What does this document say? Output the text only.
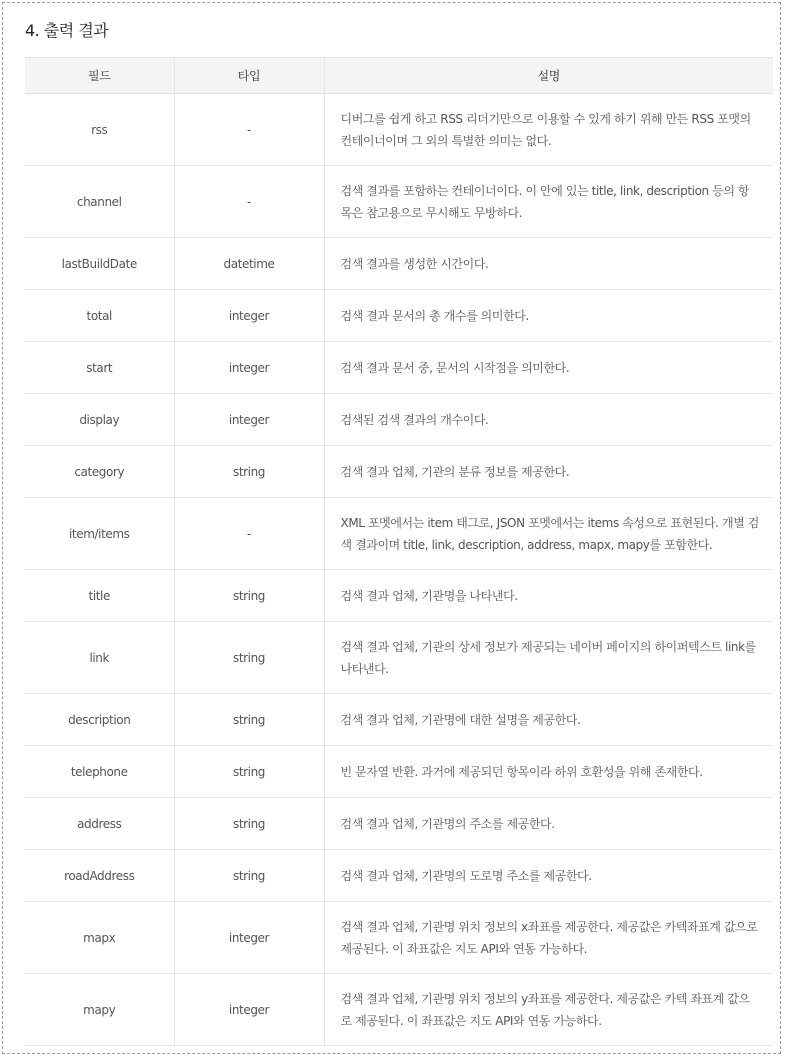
4. 출력 결과
필드	타입	설명
rss	-	디버그를 쉽게 하고 RSS 리더기만으로 이용할 수 있게 하기 위해 만든 RSS 포맷의 컨테이너이며 그 외의 특별한 의미는 없다.
channel	-	검색 결과를 포함하는 컨테이너이다. 이 안에 있는 title, link, description 등의 항목은 참고용으로 무시해도 무방하다.
lastBuildDate	datetime	검색 결과를 생성한 시간이다.
total	integer	검색 결과 문서의 총 개수를 의미한다.
start	integer	검색 결과 문서 중, 문서의 시작점을 의미한다.
display	integer	검색된 검색 결과의 개수이다.
category	string	검색 결과 업체, 기관의 분류 정보를 제공한다.
item/items	-	XML 포멧에서는 item 태그로, JSON 포멧에서는 items 속성으로 표현된다. 개별 검색 결과이며 title, link, description, address, mapx, mapy를 포함한다.
title	string	검색 결과 업체, 기관명을 나타낸다.
link	string	검색 결과 업체, 기관의 상세 정보가 제공되는 네이버 페이지의 하이퍼텍스트 link를 나타낸다.
description	string	검색 결과 업체, 기관명에 대한 설명을 제공한다.
telephone	string	빈 문자열 반환. 과거에 제공되던 항목이라 하위 호환성을 위해 존재한다.
address	string	검색 결과 업체, 기관명의 주소를 제공한다.
roadAddress	string	검색 결과 업체, 기관명의 도로명 주소를 제공한다.
mapx	integer	검색 결과 업체, 기관명 위치 정보의 x좌표를 제공한다. 제공값은 카텍좌표계 값으로 제공된다. 이 좌표값은 지도 API와 연동 가능하다.
mapy	integer	검색 결과 업체, 기관명 위치 정보의 y좌표를 제공한다. 제공값은 카텍 좌표계 값으로 제공된다. 이 좌표값은 지도 API와 연동 가능하다.
